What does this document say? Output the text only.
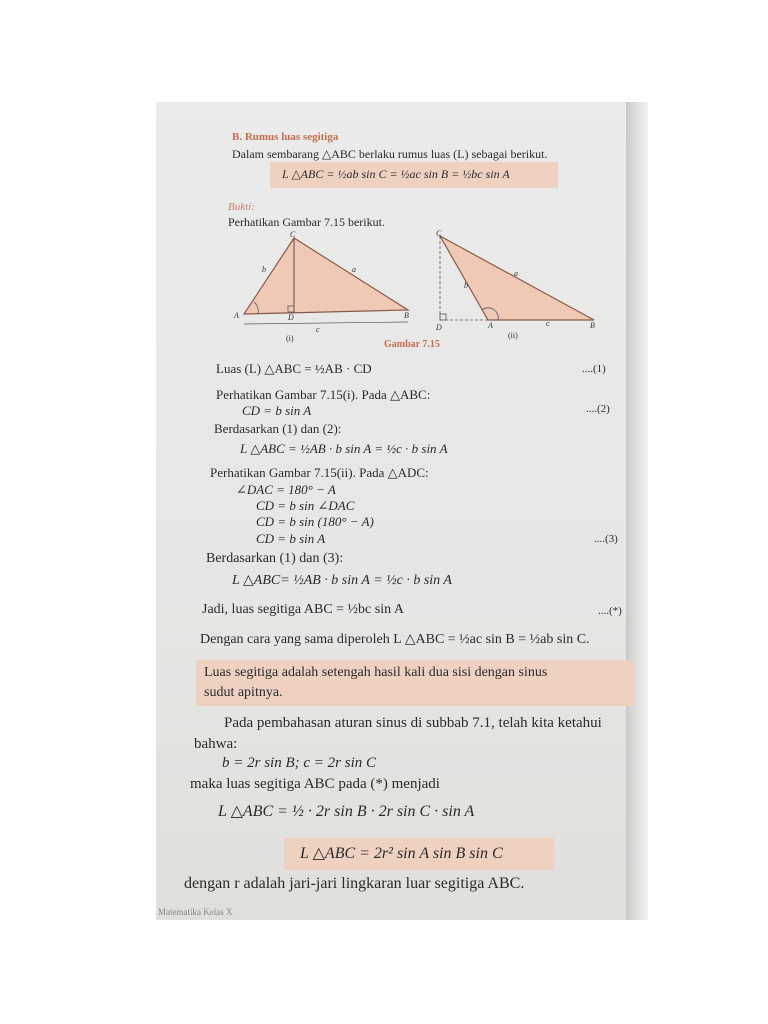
B. Rumus luas segitiga
Dalam sembarang △ABC berlaku rumus luas (L) sebagai berikut.
L △ABC = ½ab sin C = ½ac sin B = ½bc sin A
Bukti:
Perhatikan Gambar 7.15 berikut.
C
A	B
D
b	a
c
(i)
C
D	A	B
b
a
c
(ii)
Gambar 7.15
Luas (L) △ABC = ½AB · CD	....(1)
Perhatikan Gambar 7.15(i). Pada △ABC:
CD = b sin A	....(2)
Berdasarkan (1) dan (2):
L △ABC = ½AB · b sin A = ½c · b sin A
Perhatikan Gambar 7.15(ii). Pada △ADC:
∠DAC = 180° − A
CD = b sin ∠DAC
CD = b sin (180° − A)
CD = b sin A	....(3)
Berdasarkan (1) dan (3):
L △ABC= ½AB · b sin A = ½c · b sin A
Jadi, luas segitiga ABC = ½bc sin A	....(*)
Dengan cara yang sama diperoleh L △ABC = ½ac sin B = ½ab sin C.
Luas segitiga adalah setengah hasil kali dua sisi dengan sinus
sudut apitnya.
Pada pembahasan aturan sinus di subbab 7.1, telah kita ketahui
bahwa:
b = 2r sin B; c = 2r sin C
maka luas segitiga ABC pada (*) menjadi
L △ABC = ½ · 2r sin B · 2r sin C · sin A
L △ABC = 2r² sin A sin B sin C
dengan r adalah jari-jari lingkaran luar segitiga ABC.
Matematika Kelas X
